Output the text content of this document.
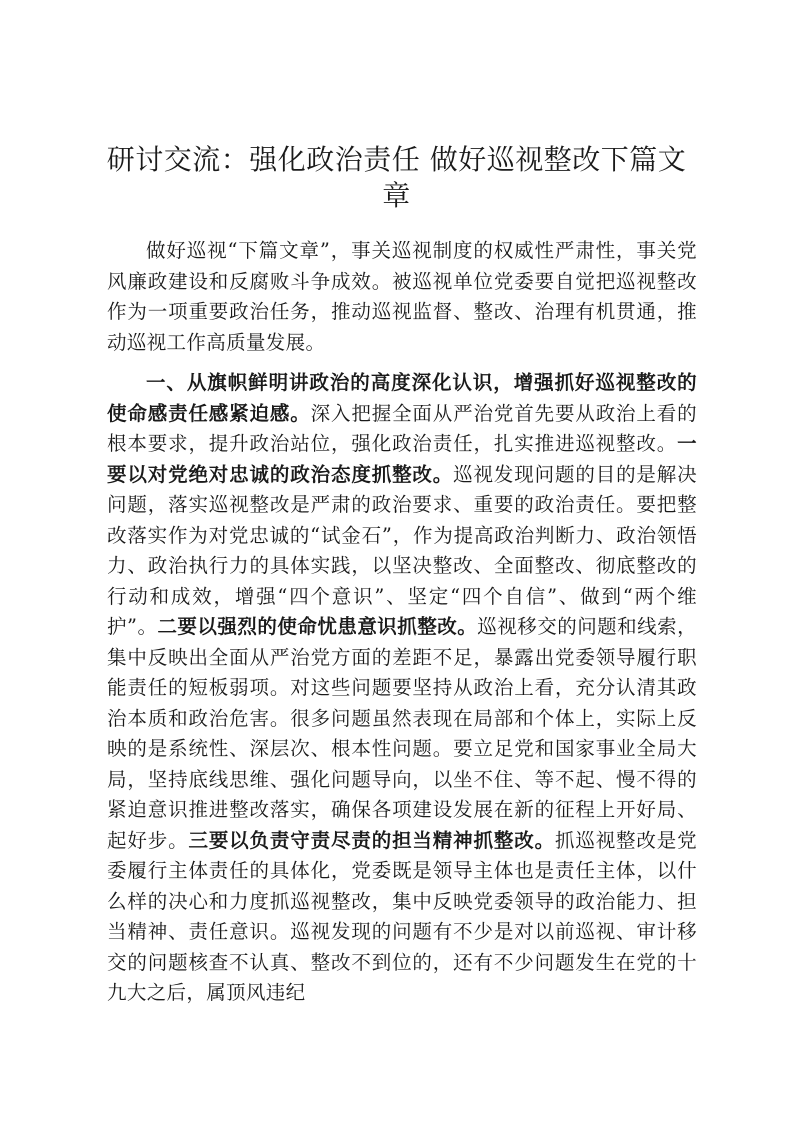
研讨交流：强化政治责任 做好巡视整改下篇文章

做好巡视“下篇文章”，事关巡视制度的权威性严肃性，事关党风廉政建设和反腐败斗争成效。被巡视单位党委要自觉把巡视整改作为一项重要政治任务，推动巡视监督、整改、治理有机贯通，推动巡视工作高质量发展。

一、从旗帜鲜明讲政治的高度深化认识，增强抓好巡视整改的使命感责任感紧迫感。深入把握全面从严治党首先要从政治上看的根本要求，提升政治站位，强化政治责任，扎实推进巡视整改。一要以对党绝对忠诚的政治态度抓整改。巡视发现问题的目的是解决问题，落实巡视整改是严肃的政治要求、重要的政治责任。要把整改落实作为对党忠诚的“试金石”，作为提高政治判断力、政治领悟力、政治执行力的具体实践，以坚决整改、全面整改、彻底整改的行动和成效，增强“四个意识”、坚定“四个自信”、做到“两个维护”。二要以强烈的使命忧患意识抓整改。巡视移交的问题和线索，集中反映出全面从严治党方面的差距不足，暴露出党委领导履行职能责任的短板弱项。对这些问题要坚持从政治上看，充分认清其政治本质和政治危害。很多问题虽然表现在局部和个体上，实际上反映的是系统性、深层次、根本性问题。要立足党和国家事业全局大局，坚持底线思维、强化问题导向，以坐不住、等不起、慢不得的紧迫意识推进整改落实，确保各项建设发展在新的征程上开好局、起好步。三要以负责守责尽责的担当精神抓整改。抓巡视整改是党委履行主体责任的具体化，党委既是领导主体也是责任主体，以什么样的决心和力度抓巡视整改，集中反映党委领导的政治能力、担当精神、责任意识。巡视发现的问题有不少是对以前巡视、审计移交的问题核查不认真、整改不到位的，还有不少问题发生在党的十九大之后，属顶风违纪
